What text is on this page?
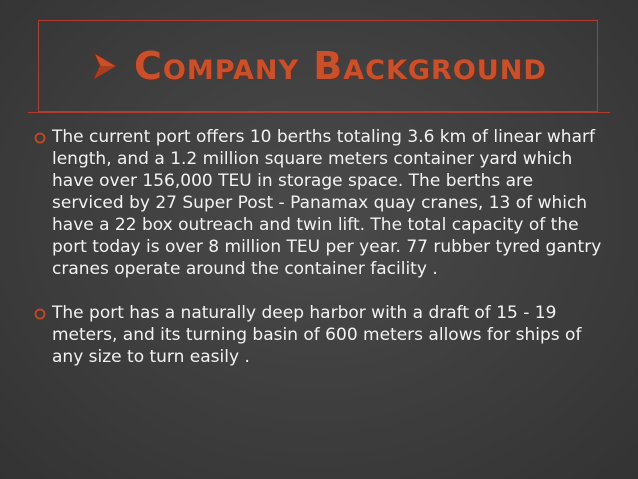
Company Background
The current port offers 10 berths totaling 3.6 km of linear wharf length, and a 1.2 million square meters container yard which have over 156,000 TEU in storage space. The berths are serviced by 27 Super Post - Panamax quay cranes, 13 of which have a 22 box outreach and twin lift. The total capacity of the port today is over 8 million TEU per year. 77 rubber tyred gantry cranes operate around the container facility .
The port has a naturally deep harbor with a draft of 15 - 19 meters, and its turning basin of 600 meters allows for ships of any size to turn easily .
